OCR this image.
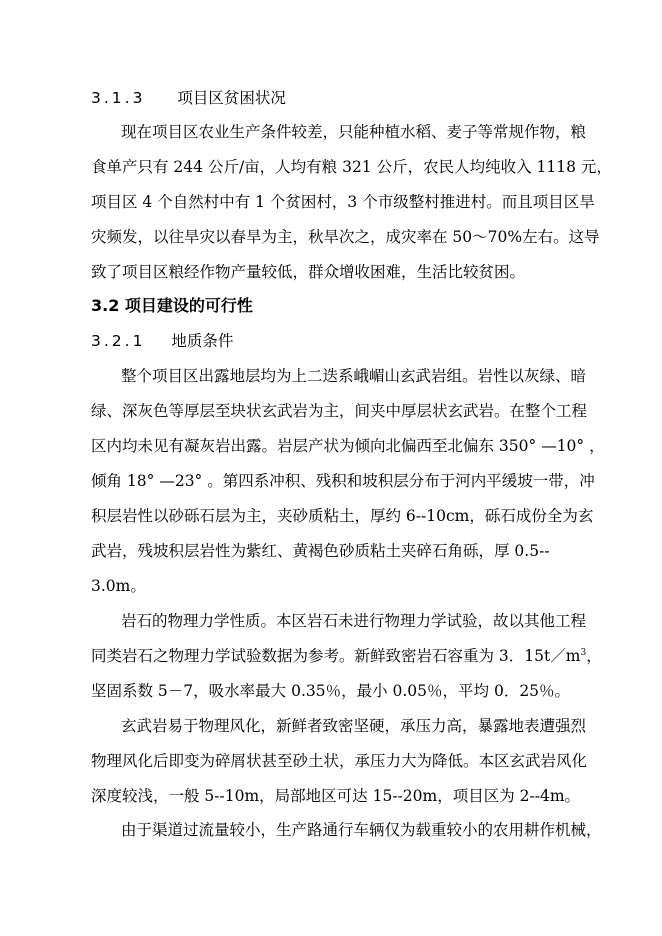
3.1.3 项目区贫困状况
现在项目区农业生产条件较差，只能种植水稻、麦子等常规作物，粮
食单产只有 244 公斤/亩，人均有粮 321 公斤，农民人均纯收入 1118 元，
项目区 4 个自然村中有 1 个贫困村，3 个市级整村推进村。而且项目区旱
灾频发，以往旱灾以春旱为主，秋旱次之，成灾率在 50～70%左右。这导
致了项目区粮经作物产量较低，群众增收困难，生活比较贫困。
3.2 项目建设的可行性
3.2.1 地质条件
整个项目区出露地层均为上二迭系峨嵋山玄武岩组。岩性以灰绿、暗
绿、深灰色等厚层至块状玄武岩为主，间夹中厚层状玄武岩。在整个工程
区内均未见有凝灰岩出露。岩层产状为倾向北偏西至北偏东 350° —10° ，
倾角 18° —23° 。第四系冲积、残积和坡积层分布于河内平缓坡一带，冲
积层岩性以砂砾石层为主，夹砂质粘土，厚约 6--10cm，砾石成份全为玄
武岩，残坡积层岩性为紫红、黄褐色砂质粘土夹碎石角砾，厚 0.5--
3.0m。
岩石的物理力学性质。本区岩石未进行物理力学试验，故以其他工程
同类岩石之物理力学试验数据为参考。新鲜致密岩石容重为 3．$15t/m^3$，
坚固系数 5－7，吸水率最大 0.35％，最小 0.05％，平均 0．25％。
玄武岩易于物理风化，新鲜者致密坚硬，承压力高，暴露地表遭强烈
物理风化后即变为碎屑状甚至砂土状，承压力大为降低。本区玄武岩风化
深度较浅，一般 5--10m，局部地区可达 15--20m，项目区为 2--4m。
由于渠道过流量较小，生产路通行车辆仅为载重较小的农用耕作机械，
